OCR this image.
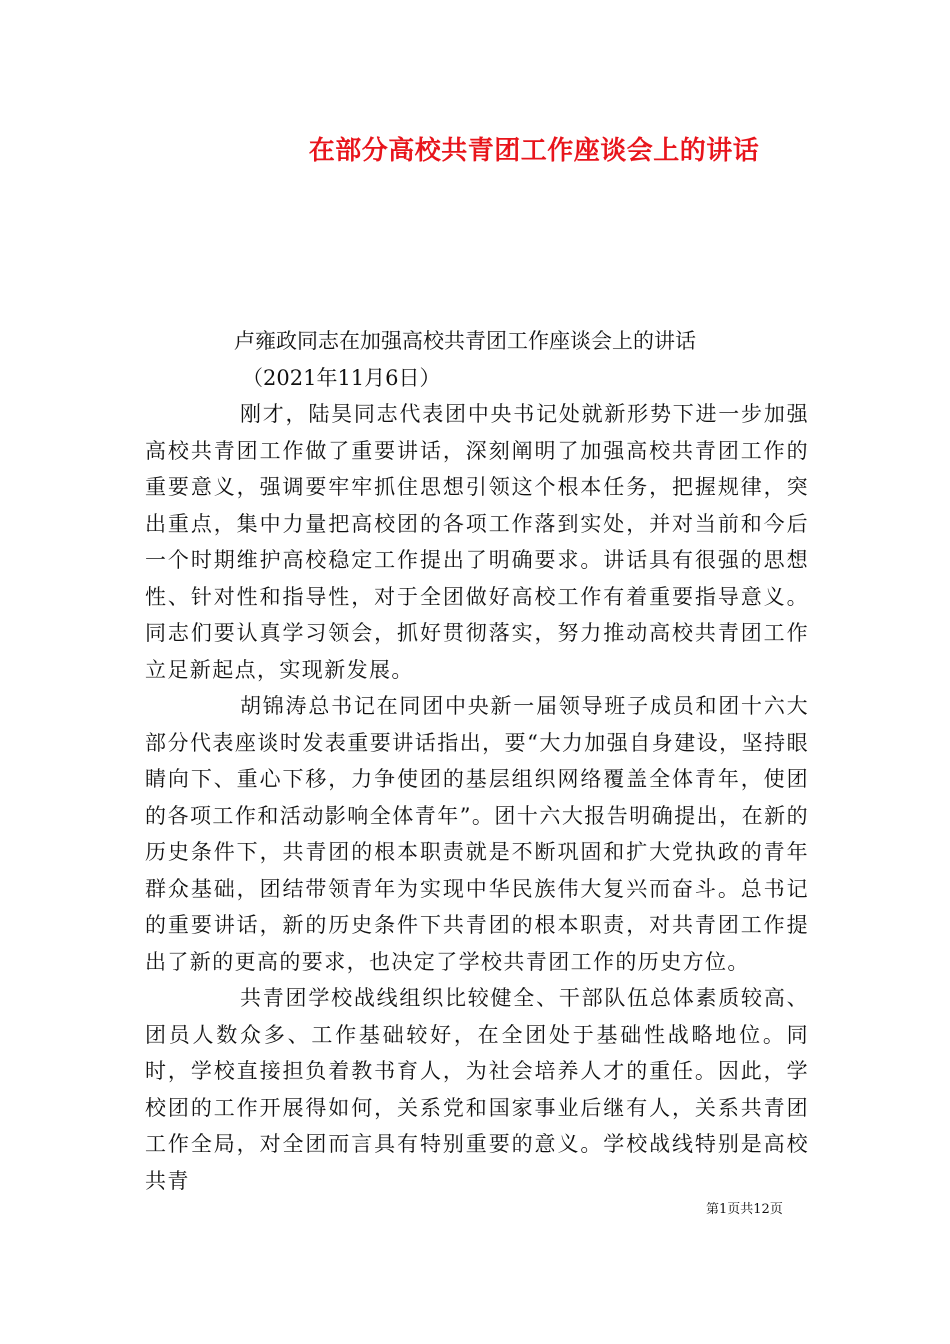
在部分高校共青团工作座谈会上的讲话
卢雍政同志在加强高校共青团工作座谈会上的讲话
（2021年11月6日）

刚才，陆昊同志代表团中央书记处就新形势下进一步加强高校共青团工作做了重要讲话，深刻阐明了加强高校共青团工作的重要意义，强调要牢牢抓住思想引领这个根本任务，把握规律，突出重点，集中力量把高校团的各项工作落到实处，并对当前和今后一个时期维护高校稳定工作提出了明确要求。讲话具有很强的思想性、针对性和指导性，对于全团做好高校工作有着重要指导意义。同志们要认真学习领会，抓好贯彻落实，努力推动高校共青团工作立足新起点，实现新发展。

胡锦涛总书记在同团中央新一届领导班子成员和团十六大部分代表座谈时发表重要讲话指出，要“大力加强自身建设，坚持眼睛向下、重心下移，力争使团的基层组织网络覆盖全体青年，使团的各项工作和活动影响全体青年”。团十六大报告明确提出，在新的历史条件下，共青团的根本职责就是不断巩固和扩大党执政的青年群众基础，团结带领青年为实现中华民族伟大复兴而奋斗。总书记的重要讲话，新的历史条件下共青团的根本职责，对共青团工作提出了新的更高的要求，也决定了学校共青团工作的历史方位。

共青团学校战线组织比较健全、干部队伍总体素质较高、团员人数众多、工作基础较好，在全团处于基础性战略地位。同时，学校直接担负着教书育人，为社会培养人才的重任。因此，学校团的工作开展得如何，关系党和国家事业后继有人，关系共青团工作全局，对全团而言具有特别重要的意义。学校战线特别是高校共青

第1页共12页
